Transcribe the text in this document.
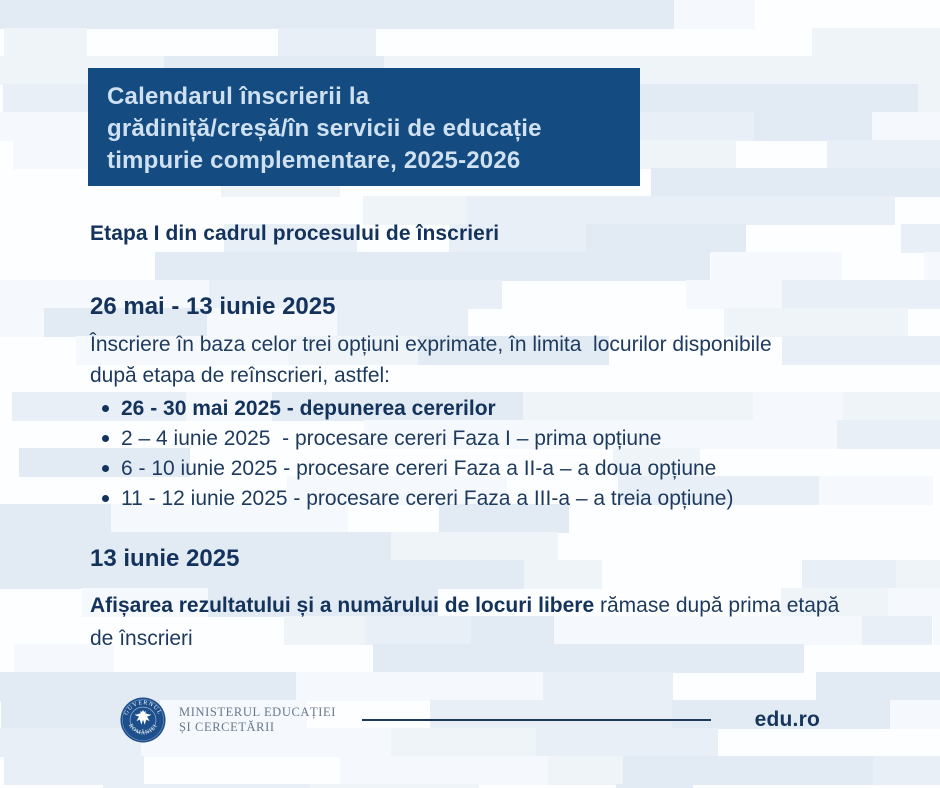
Calendarul înscrierii la
grădiniță/creșă/în servicii de educație
timpurie complementare, 2025-2026
Etapa I din cadrul procesului de înscrieri
26 mai - 13 iunie 2025

Înscriere în baza celor trei opțiuni exprimate, în limita  locurilor disponibile
după etapa de reînscrieri, astfel:

26 - 30 mai 2025 - depunerea cererilor
2 – 4 iunie 2025  - procesare cereri Faza I – prima opțiune
6 - 10 iunie 2025 - procesare cereri Faza a II-a – a doua opțiune
11 - 12 iunie 2025 - procesare cereri Faza a III-a – a treia opțiune)
13 iunie 2025

Afișarea rezultatului și a numărului de locuri libere rămase după prima etapă de înscrieri

GUVERNUL
ROMÂNIEI
MINISTERUL EDUCAȚIEI
ȘI CERCETĂRII	edu.ro
